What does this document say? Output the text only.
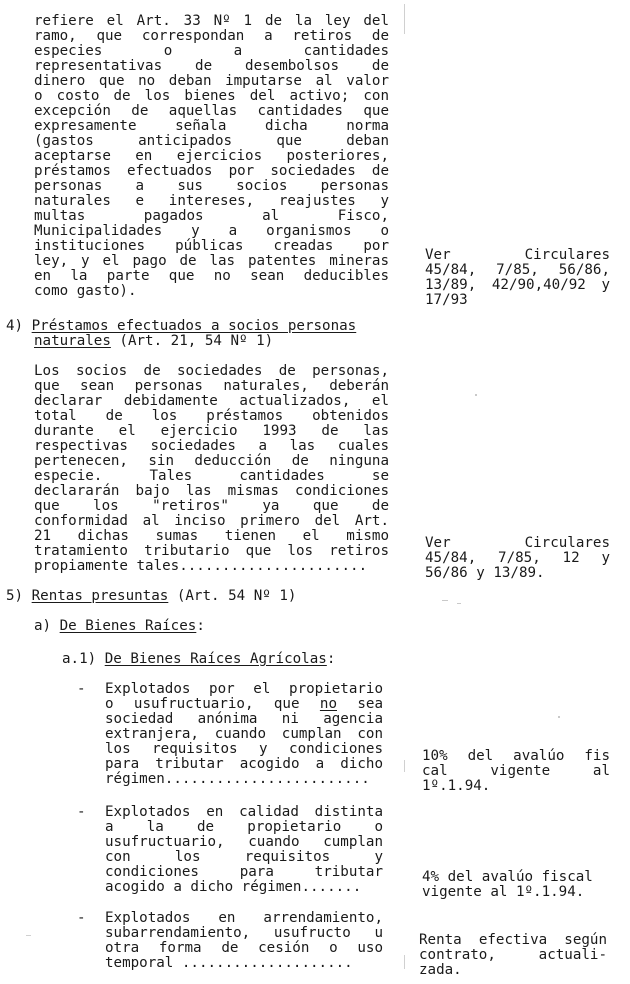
refiere el Art. 33 Nº 1 de la ley del
ramo, que correspondan a retiros de
especies o a cantidades
representativas de desembolsos de
dinero que no deban imputarse al valor
o costo de los bienes del activo; con
excepción de aquellas cantidades que
expresamente señala dicha norma
(gastos anticipados que deban
aceptarse en ejercicios posteriores,
préstamos efectuados por sociedades de
personas a sus socios personas
naturales e intereses, reajustes y
multas pagados al Fisco,
Municipalidades y a organismos o
instituciones públicas creadas por
ley, y el pago de las patentes mineras
en la parte que no sean deducibles
como gasto).
Ver Circulares
45/84, 7/85, 56/86,
13/89, 42/90,40/92 y
17/93
4) Préstamos efectuados a socios personas
naturales (Art. 21, 54 Nº 1)
Los socios de sociedades de personas,
que sean personas naturales, deberán
declarar debidamente actualizados, el
total de los préstamos obtenidos
durante el ejercicio 1993 de las
respectivas sociedades a las cuales
pertenecen, sin deducción de ninguna
especie. Tales cantidades se
declararán bajo las mismas condiciones
que los "retiros" ya que de
conformidad al inciso primero del Art.
21 dichas sumas tienen el mismo
tratamiento tributario que los retiros
propiamente tales......................
Ver Circulares
45/84, 7/85, 12 y
56/86 y 13/89.
5) Rentas presuntas (Art. 54 Nº 1)
a) De Bienes Raíces:
a.1) De Bienes Raíces Agrícolas:
- Explotados por el propietario
o usufructuario, que no sea
sociedad anónima ni agencia
extranjera, cuando cumplan con
los requisitos y condiciones
para tributar acogido a dicho
régimen........................
10% del avalúo fis
cal vigente al
1º.1.94.
- Explotados en calidad distinta
a la de propietario o
usufructuario, cuando cumplan
con los requisitos y
condiciones para tributar
acogido a dicho régimen.......
4% del avalúo fiscal
vigente al 1º.1.94.
- Explotados en arrendamiento,
subarrendamiento, usufructo u
otra forma de cesión o uso
temporal ....................
Renta efectiva según
contrato, actuali-
zada.
